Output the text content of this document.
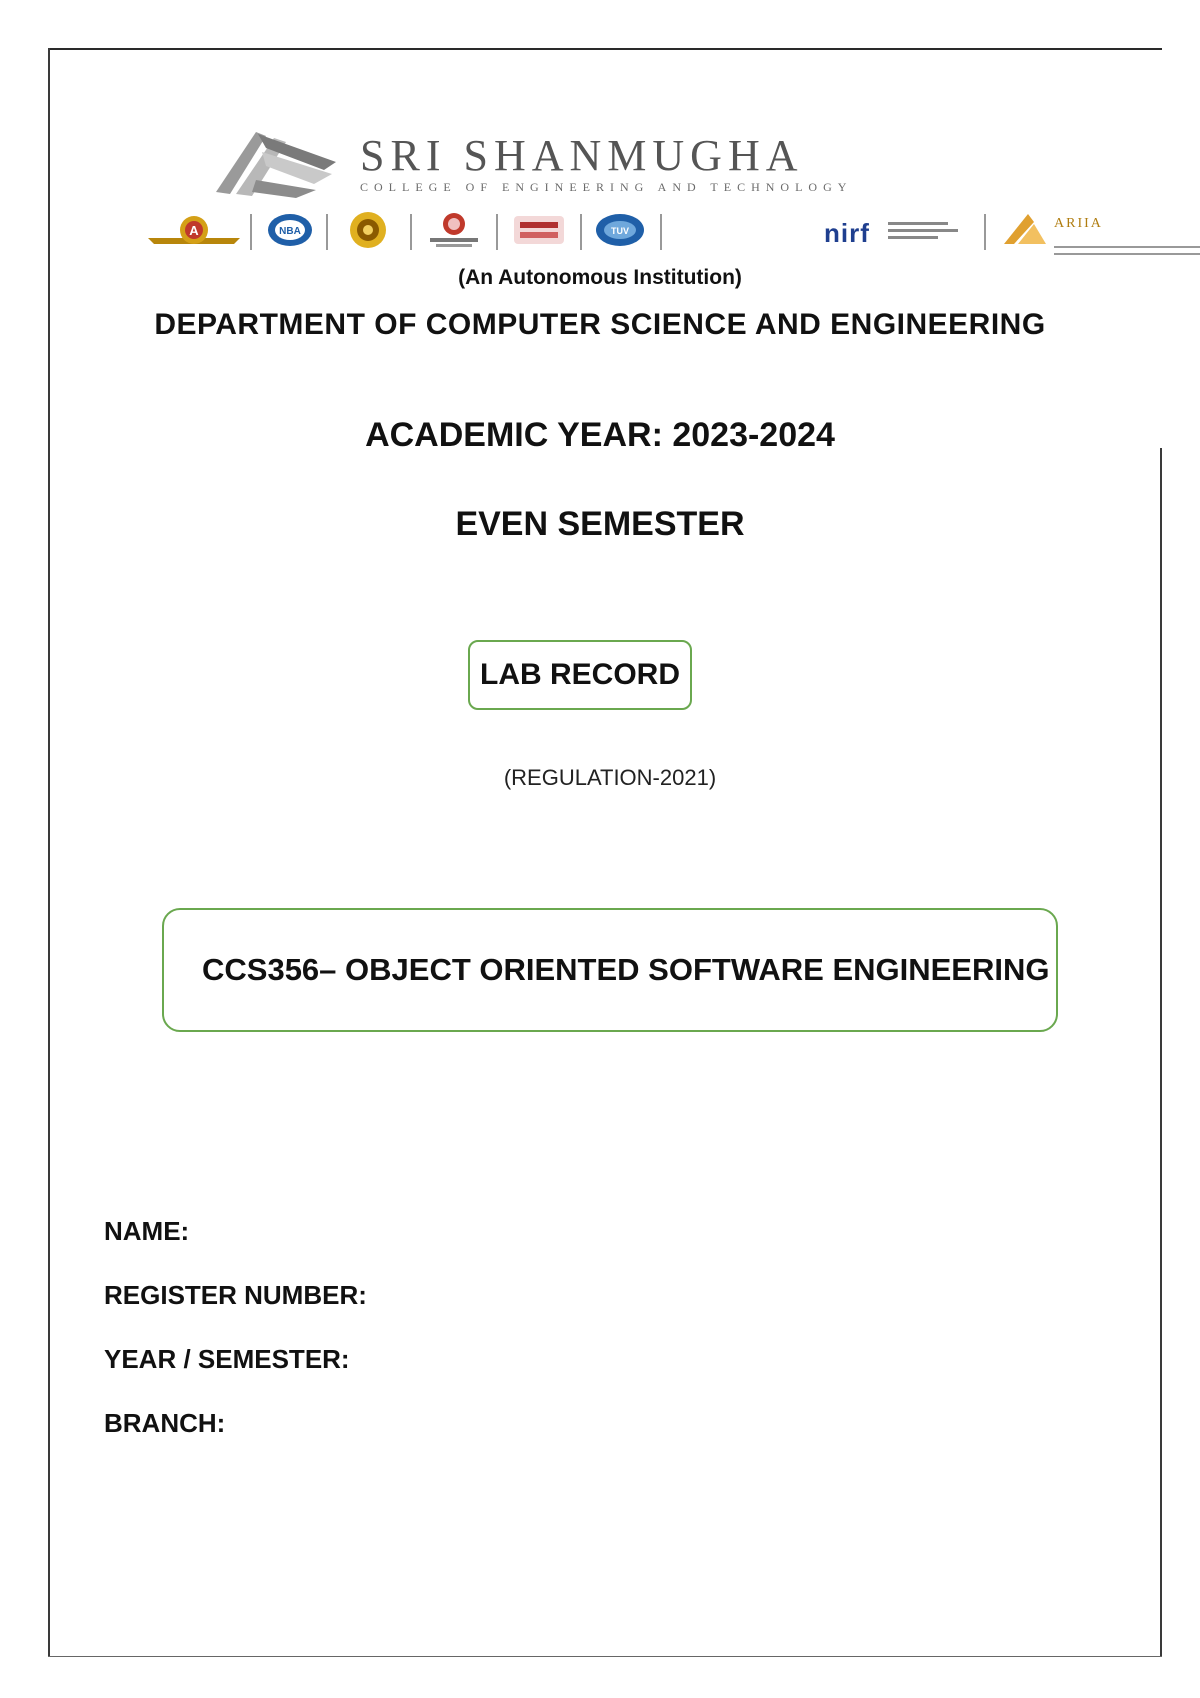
SRI SHANMUGHA
COLLEGE OF ENGINEERING AND TECHNOLOGY
A	NBA	TUV	nirf	ARIIA
(An Autonomous Institution)
DEPARTMENT OF COMPUTER SCIENCE AND ENGINEERING
ACADEMIC YEAR: 2023-2024
EVEN SEMESTER
LAB RECORD
(REGULATION-2021)
CCS356– OBJECT ORIENTED SOFTWARE ENGINEERING
NAME:
REGISTER NUMBER:
YEAR / SEMESTER:
BRANCH:
